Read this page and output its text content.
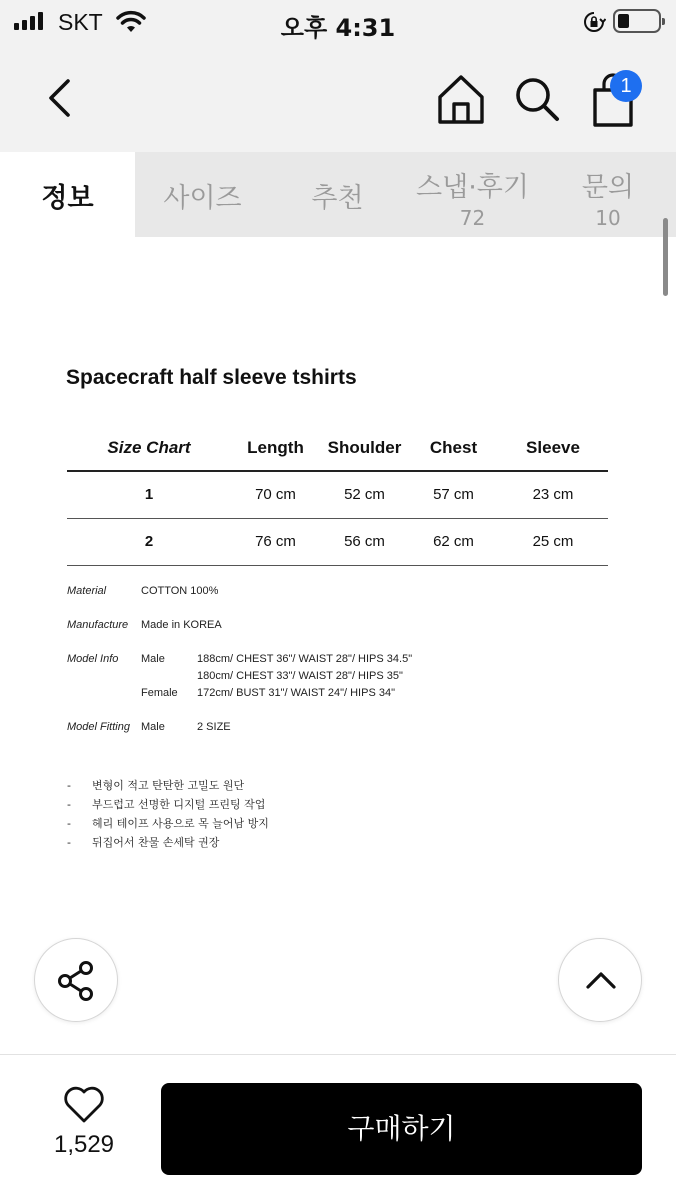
SKT	오후 4:31
1
정보	사이즈	추천	스냅·후기
72
문의
10
Spacecraft half sleeve tshirts
Size Chart	Length	Shoulder	Chest	Sleeve
1	70 cm	52 cm	57 cm	23 cm
2	76 cm	56 cm	62 cm	25 cm
Material	COTTON 100%
Manufacture Made in KOREA
Model Info Male	188cm/ CHEST 36"/ WAIST 28"/ HIPS 34.5"
180cm/ CHEST 33"/ WAIST 28"/ HIPS 35"
Female 172cm/ BUST 31"/ WAIST 24"/ HIPS 34"
Model Fitting Male	2 SIZE
- 변형이 적고 탄탄한 고밀도 원단
- 부드럽고 선명한 디지털 프린팅 작업
- 헤리 테이프 사용으로 목 늘어남 방지
- 뒤집어서 찬물 손세탁 권장
1,529	구매하기
